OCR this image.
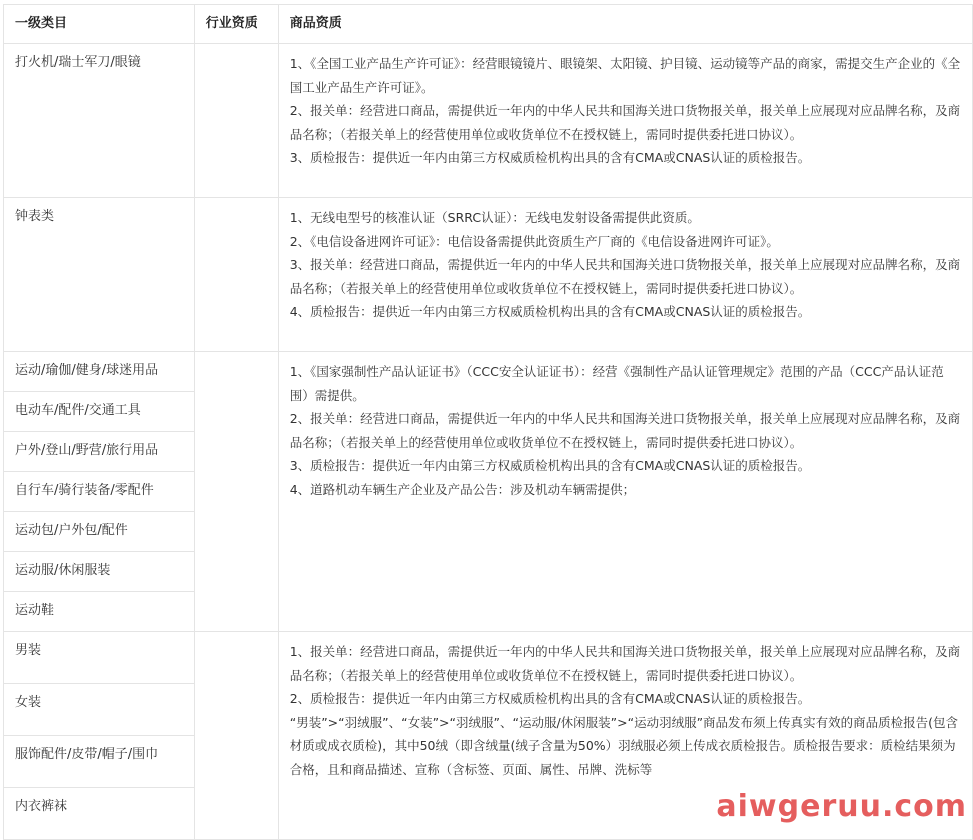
一级类目	行业资质	商品资质
打火机/瑞士军刀/眼镜		1、《全国工业产品生产许可证》：经营眼镜镜片、眼镜架、太阳镜、护目镜、运动镜等产品的商家，需提交生产企业的《全国工业产品生产许可证》。

2、报关单：经营进口商品，需提供近一年内的中华人民共和国海关进口货物报关单，报关单上应展现对应品牌名称，及商品名称；（若报关单上的经营使用单位或收货单位不在授权链上，需同时提供委托进口协议）。

3、质检报告：提供近一年内由第三方权威质检机构出具的含有CMA或CNAS认证的质检报告。

钟表类		1、无线电型号的核准认证（SRRC认证）：无线电发射设备需提供此资质。

2、《电信设备进网许可证》：电信设备需提供此资质生产厂商的《电信设备进网许可证》。

3、报关单：经营进口商品，需提供近一年内的中华人民共和国海关进口货物报关单，报关单上应展现对应品牌名称，及商品名称；（若报关单上的经营使用单位或收货单位不在授权链上，需同时提供委托进口协议）。

4、质检报告：提供近一年内由第三方权威质检机构出具的含有CMA或CNAS认证的质检报告。

运动/瑜伽/健身/球迷用品		1、《国家强制性产品认证证书》（CCC安全认证证书）：经营《强制性产品认证管理规定》范围的产品（CCC产品认证范围）需提供。

2、报关单：经营进口商品，需提供近一年内的中华人民共和国海关进口货物报关单，报关单上应展现对应品牌名称，及商品名称；（若报关单上的经营使用单位或收货单位不在授权链上，需同时提供委托进口协议）。

3、质检报告：提供近一年内由第三方权威质检机构出具的含有CMA或CNAS认证的质检报告。

4、道路机动车辆生产企业及产品公告：涉及机动车辆需提供；

电动车/配件/交通工具		
户外/登山/野营/旅行用品		
自行车/骑行装备/零配件		
运动包/户外包/配件		
运动服/休闲服装		
运动鞋		
男装		1、报关单：经营进口商品，需提供近一年内的中华人民共和国海关进口货物报关单，报关单上应展现对应品牌名称，及商品名称；（若报关单上的经营使用单位或收货单位不在授权链上，需同时提供委托进口协议）。

2、质检报告：提供近一年内由第三方权威质检机构出具的含有CMA或CNAS认证的质检报告。

“男装”>“羽绒服”、“女装”>“羽绒服”、“运动服/休闲服装”>“运动羽绒服”商品发布须上传真实有效的商品质检报告(包含材质或成衣质检)，其中50绒（即含绒量(绒子含量为50%）羽绒服必须上传成衣质检报告。质检报告要求：质检结果须为合格，且和商品描述、宣称（含标签、页面、属性、吊牌、洗标等

女装		
服饰配件/皮带/帽子/围巾		
内衣裤袜			aiwgeruu.com
